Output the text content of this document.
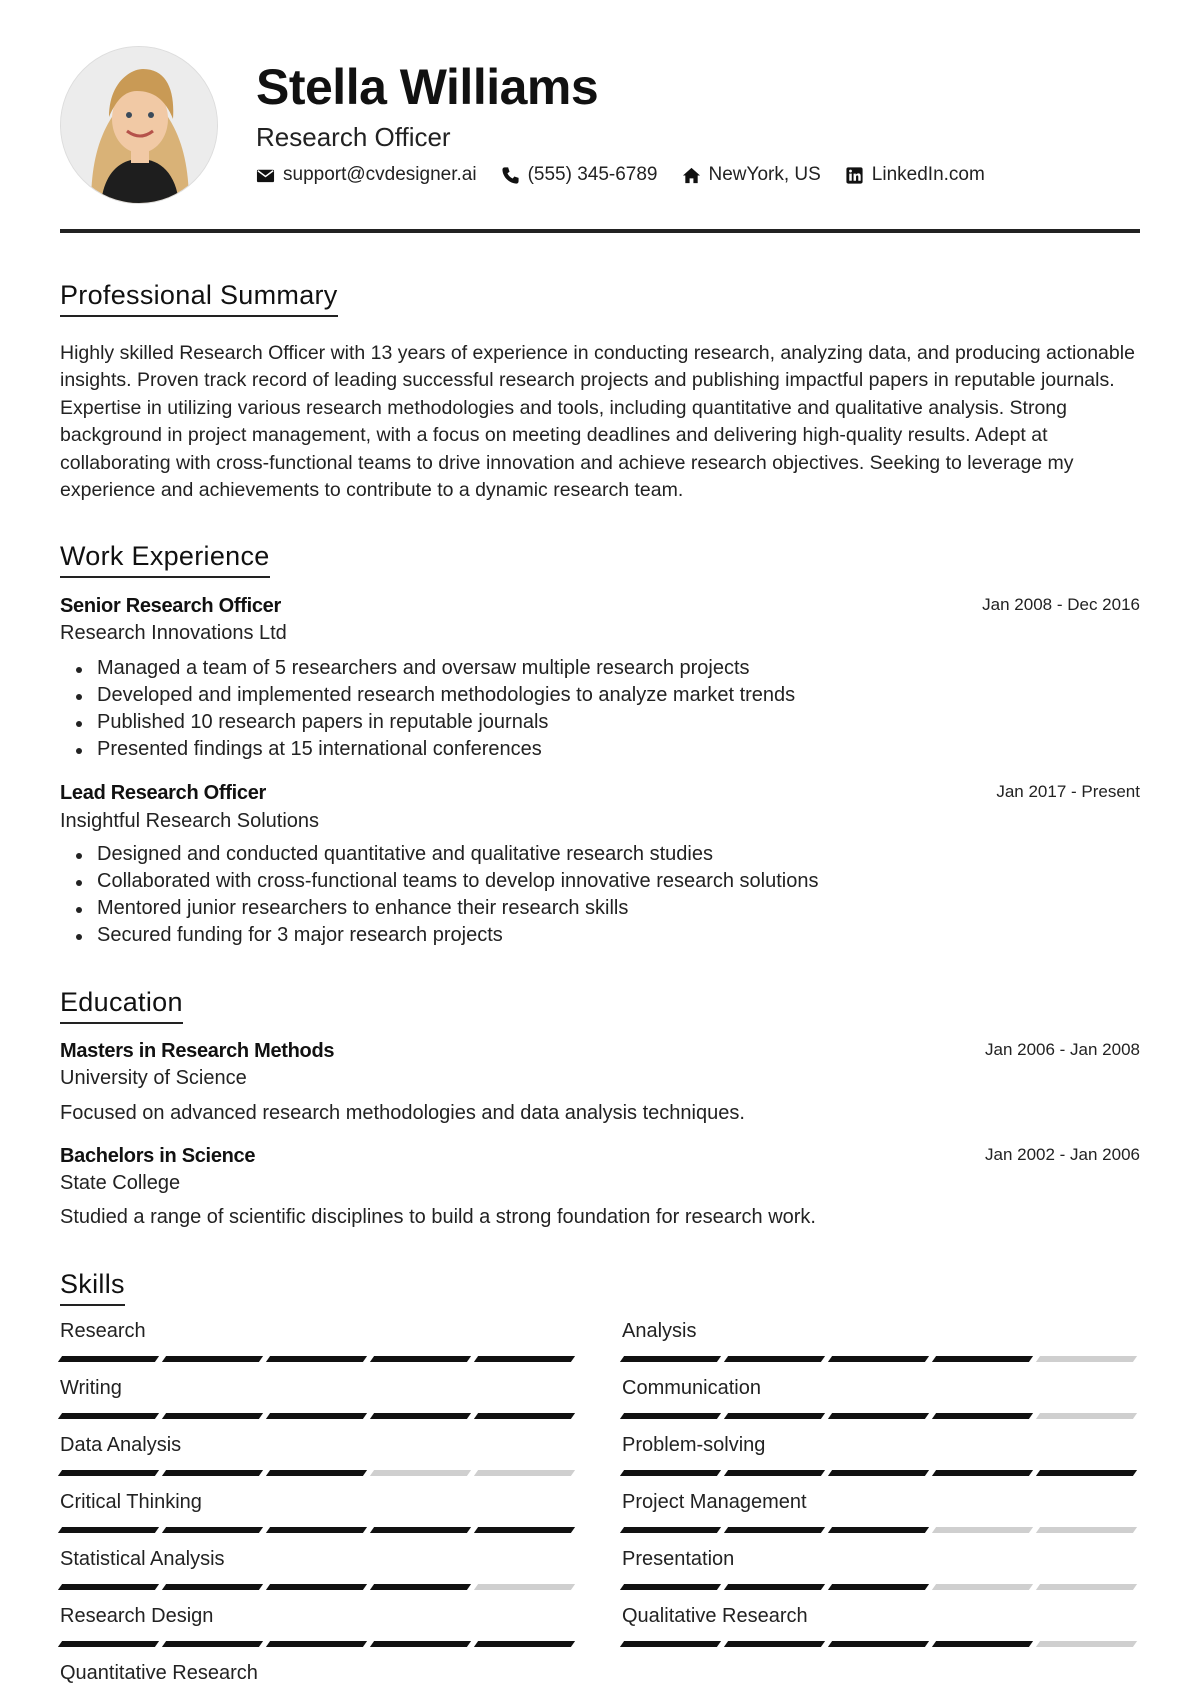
Stella Williams
Research Officer
support@cvdesigner.ai	(555) 345-6789	NewYork, US	LinkedIn.com
Professional Summary
Highly skilled Research Officer with 13 years of experience in conducting research, analyzing data, and producing actionable insights. Proven track record of leading successful research projects and publishing impactful papers in reputable journals. Expertise in utilizing various research methodologies and tools, including quantitative and qualitative analysis. Strong background in project management, with a focus on meeting deadlines and delivering high-quality results. Adept at collaborating with cross-functional teams to drive innovation and achieve research objectives. Seeking to leverage my experience and achievements to contribute to a dynamic research team.
Work Experience
Senior Research Officer	Jan 2008 - Dec 2016
Research Innovations Ltd
Managed a team of 5 researchers and oversaw multiple research projects
Developed and implemented research methodologies to analyze market trends
Published 10 research papers in reputable journals
Presented findings at 15 international conferences
Lead Research Officer	Jan 2017 - Present
Insightful Research Solutions
Designed and conducted quantitative and qualitative research studies
Collaborated with cross-functional teams to develop innovative research solutions
Mentored junior researchers to enhance their research skills
Secured funding for 3 major research projects
Education
Masters in Research Methods	Jan 2006 - Jan 2008
University of Science
Focused on advanced research methodologies and data analysis techniques.
Bachelors in Science	Jan 2002 - Jan 2006
State College
Studied a range of scientific disciplines to build a strong foundation for research work.
Skills
Research	Analysis
Writing	Communication
Data Analysis	Problem-solving
Critical Thinking	Project Management
Statistical Analysis	Presentation
Research Design	Qualitative Research
Quantitative Research
